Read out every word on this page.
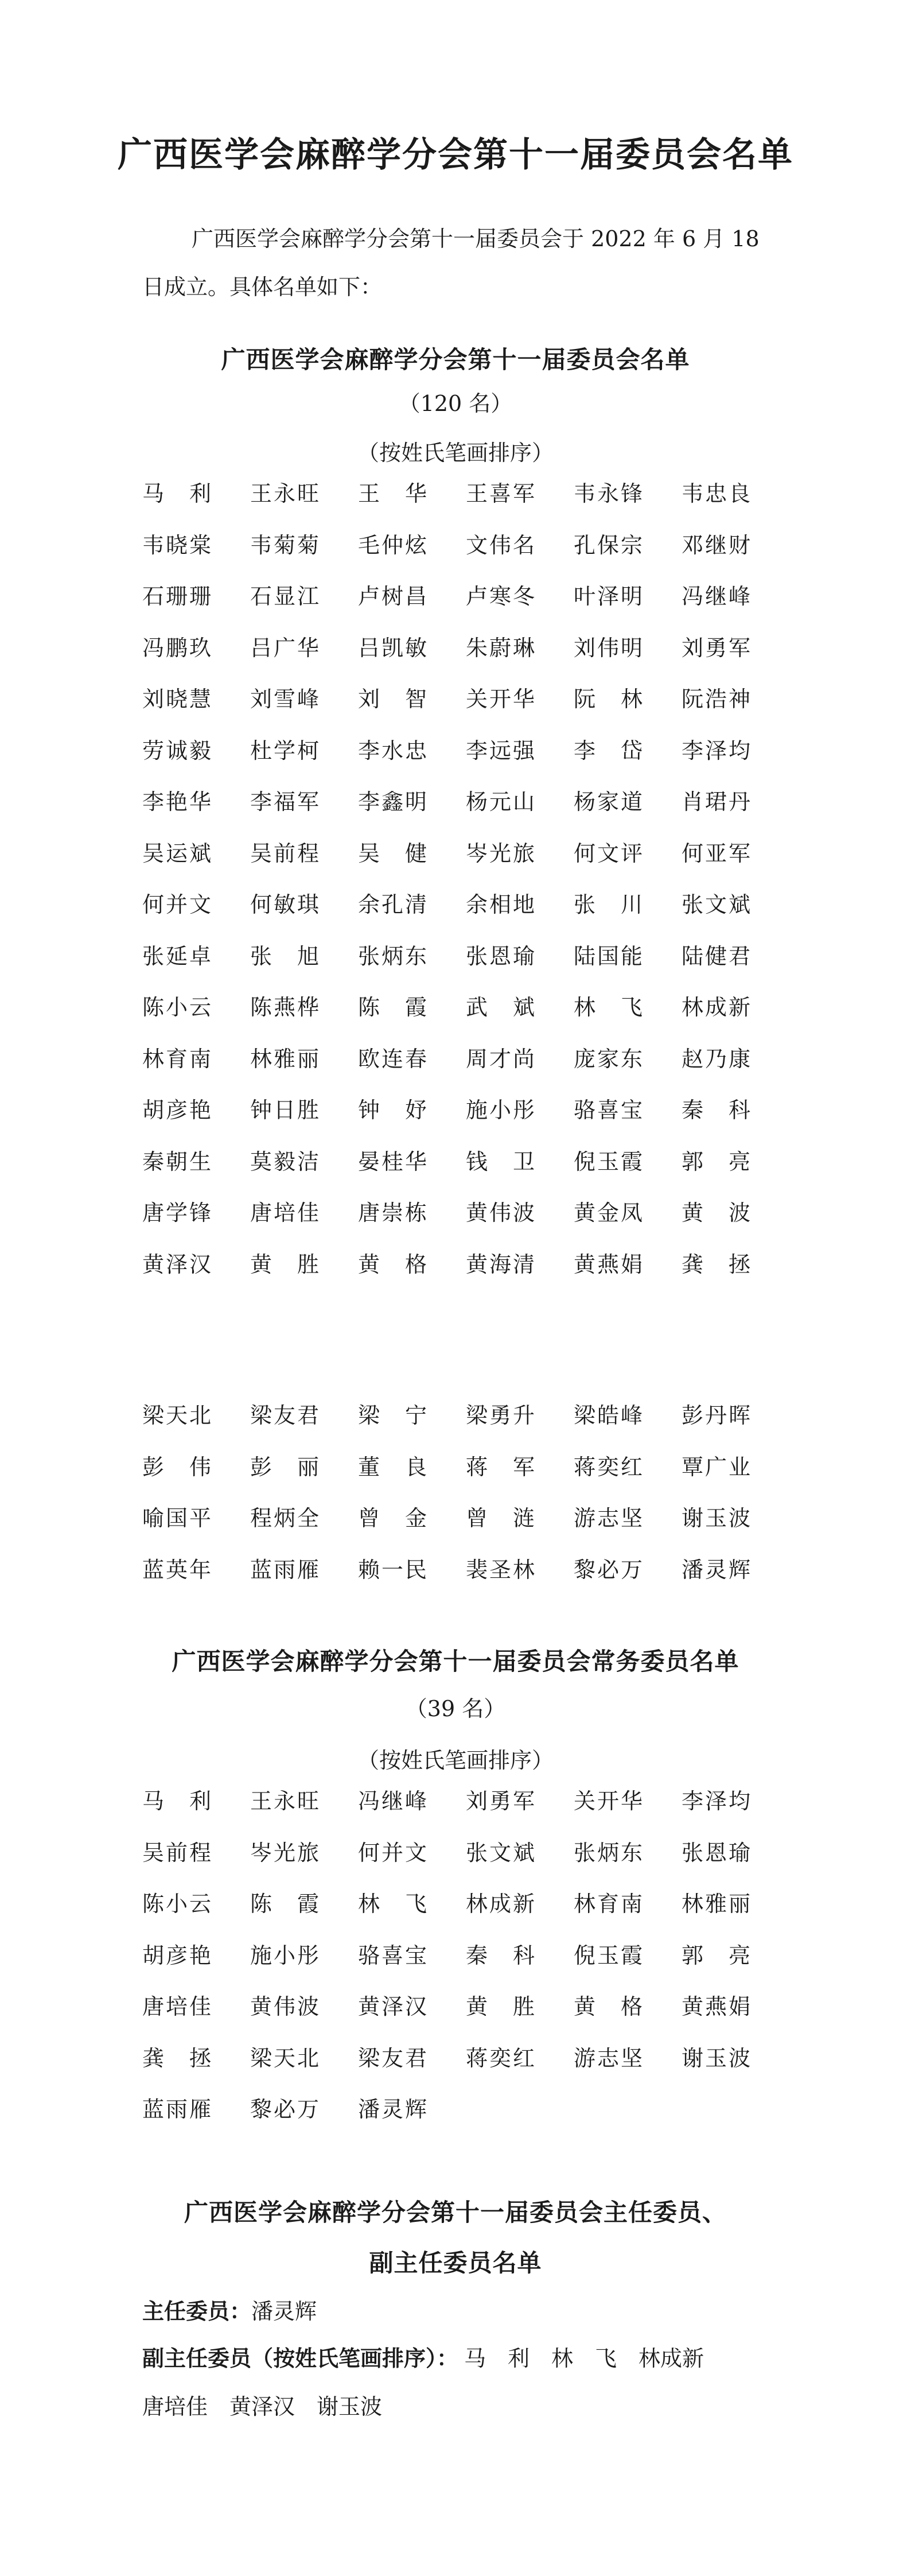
广西医学会麻醉学分会第十一届委员会名单
广西医学会麻醉学分会第十一届委员会于 2022 年 6 月 18 日成立。具体名单如下：
广西医学会麻醉学分会第十一届委员会名单
（120 名）
（按姓氏笔画排序）
马　利 王永旺 王　华 王喜军 韦永锋 韦忠良
韦晓棠 韦菊菊 毛仲炫 文伟名 孔保宗 邓继财
石珊珊 石显江 卢树昌 卢寒冬 叶泽明 冯继峰
冯鹏玖 吕广华 吕凯敏 朱蔚琳 刘伟明 刘勇军
刘晓慧 刘雪峰 刘　智 关开华 阮　林 阮浩神
劳诚毅 杜学柯 李水忠 李远强 李　岱 李泽均
李艳华 李福军 李鑫明 杨元山 杨家道 肖珺丹
吴运斌 吴前程 吴　健 岑光旅 何文评 何亚军
何并文 何敏琪 余孔清 余相地 张　川 张文斌
张延卓 张　旭 张炳东 张恩瑜 陆国能 陆健君
陈小云 陈燕桦 陈　霞 武　斌 林　飞 林成新
林育南 林雅丽 欧连春 周才尚 庞家东 赵乃康
胡彦艳 钟日胜 钟　妤 施小彤 骆喜宝 秦　科
秦朝生 莫毅洁 晏桂华 钱　卫 倪玉霞 郭　亮
唐学锋 唐培佳 唐崇栋 黄伟波 黄金凤 黄　波
黄泽汉 黄　胜 黄　格 黄海清 黄燕娟 龚　拯
梁天北 梁友君 梁　宁 梁勇升 梁皓峰 彭丹晖
彭　伟 彭　丽 董　良 蒋　军 蒋奕红 覃广业
喻国平 程炳全 曾　金 曾　涟 游志坚 谢玉波
蓝英年 蓝雨雁 赖一民 裴圣林 黎必万 潘灵辉
广西医学会麻醉学分会第十一届委员会常务委员名单
（39 名）
（按姓氏笔画排序）
马　利 王永旺 冯继峰 刘勇军 关开华 李泽均
吴前程 岑光旅 何并文 张文斌 张炳东 张恩瑜
陈小云 陈　霞 林　飞 林成新 林育南 林雅丽
胡彦艳 施小彤 骆喜宝 秦　科 倪玉霞 郭　亮
唐培佳 黄伟波 黄泽汉 黄　胜 黄　格 黄燕娟
龚　拯 梁天北 梁友君 蒋奕红 游志坚 谢玉波
蓝雨雁 黎必万 潘灵辉
广西医学会麻醉学分会第十一届委员会主任委员、
副主任委员名单
主任委员：潘灵辉
副主任委员（按姓氏笔画排序）： 马　利　林　飞　林成新
唐培佳　黄泽汉　谢玉波
